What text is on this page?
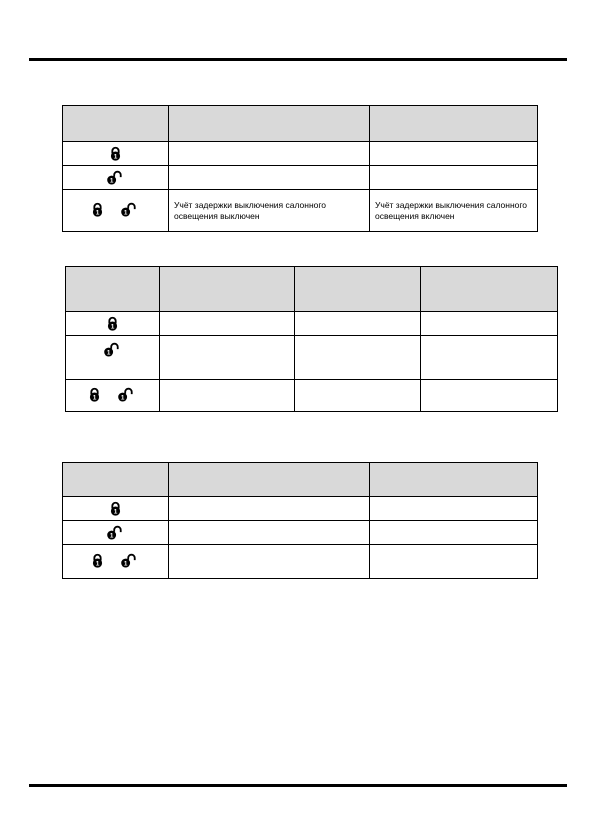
	Учёт задержки выключения салонного освещения выключен	Учёт задержки выключения салонного освещения включен
